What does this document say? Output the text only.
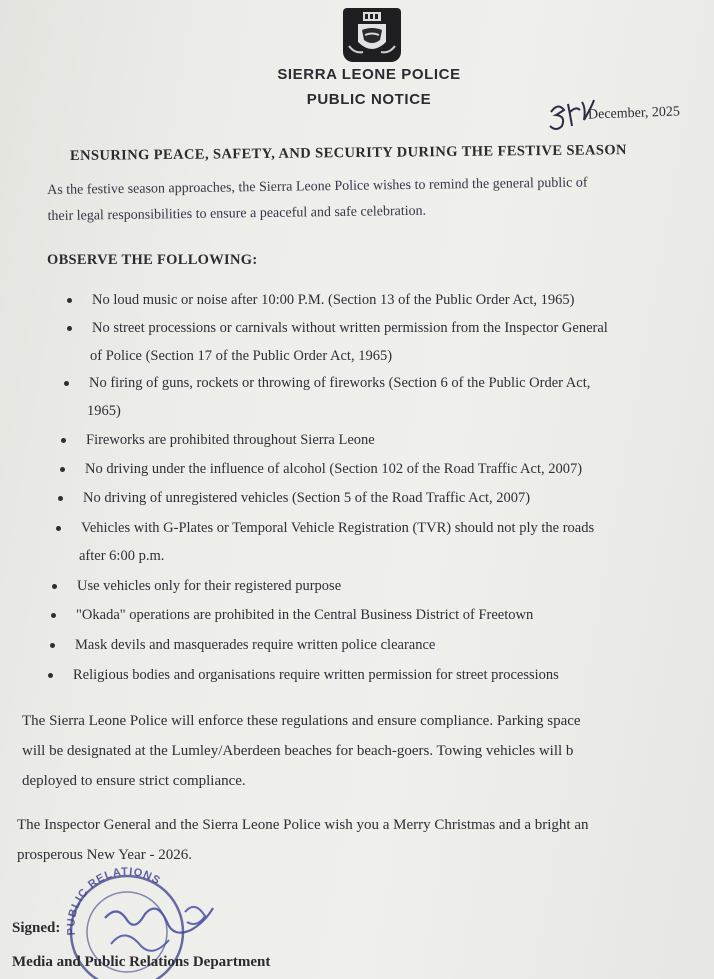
SIERRA LEONE POLICE
PUBLIC NOTICE
December, 2025
ENSURING PEACE, SAFETY, AND SECURITY DURING THE FESTIVE SEASON
As the festive season approaches, the Sierra Leone Police wishes to remind the general public of
their legal responsibilities to ensure a peaceful and safe celebration.
OBSERVE THE FOLLOWING:
No loud music or noise after 10:00 P.M. (Section 13 of the Public Order Act, 1965)
No street processions or carnivals without written permission from the Inspector General
of Police (Section 17 of the Public Order Act, 1965)
No firing of guns, rockets or throwing of fireworks (Section 6 of the Public Order Act,
1965)
Fireworks are prohibited throughout Sierra Leone
No driving under the influence of alcohol (Section 102 of the Road Traffic Act, 2007)
No driving of unregistered vehicles (Section 5 of the Road Traffic Act, 2007)
Vehicles with G-Plates or Temporal Vehicle Registration (TVR) should not ply the roads
after 6:00 p.m.
Use vehicles only for their registered purpose
"Okada" operations are prohibited in the Central Business District of Freetown
Mask devils and masquerades require written police clearance
Religious bodies and organisations require written permission for street processions
The Sierra Leone Police will enforce these regulations and ensure compliance. Parking space
will be designated at the Lumley/Aberdeen beaches for beach-goers. Towing vehicles will b
deployed to ensure strict compliance.
The Inspector General and the Sierra Leone Police wish you a Merry Christmas and a bright an
prosperous New Year - 2026.
PUBLIC RELATIONS
Signed:
Media and Public Relations Department
